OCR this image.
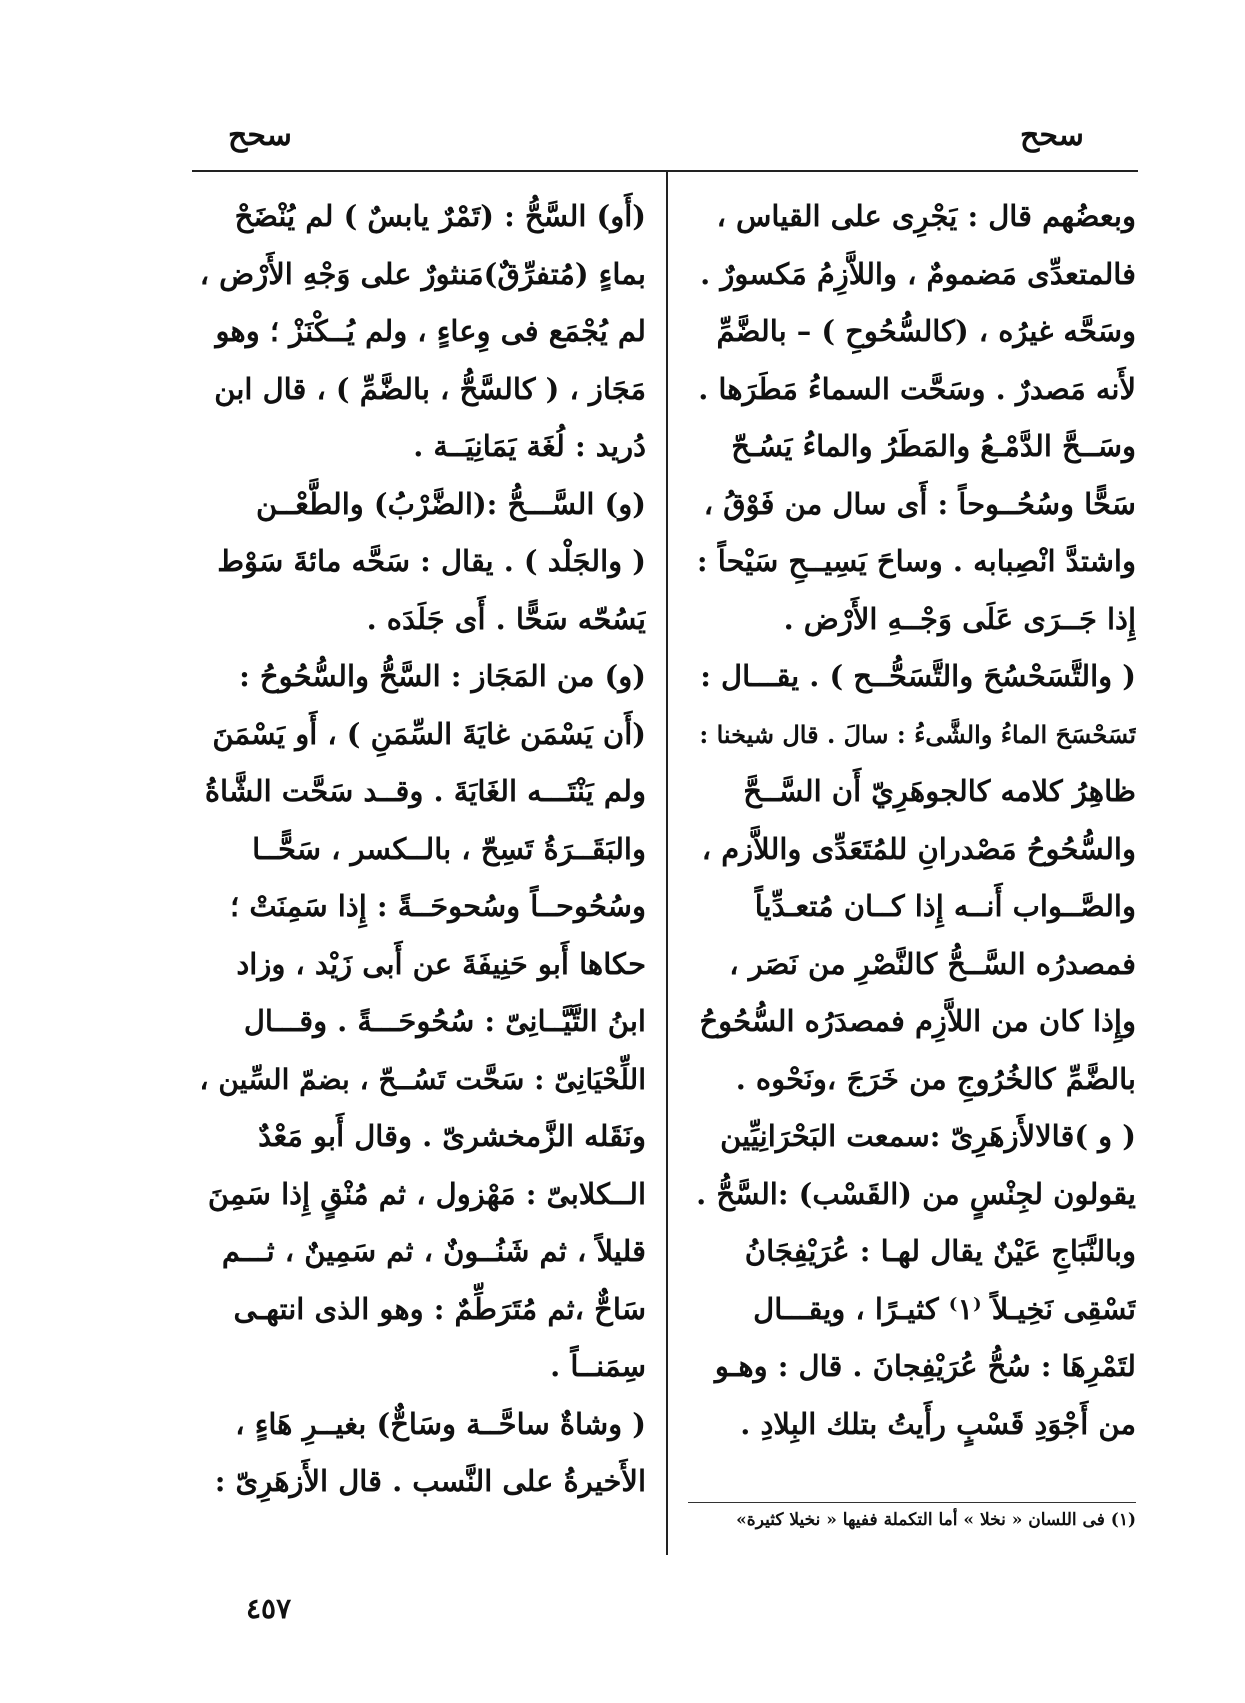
سحح
سحح
وبعضُهم قال : يَجْرِى على القياس ،
فالمتعدِّى مَضمومٌ ، واللاَّزِمُ مَكسورٌ .
وسَحَّه غيرُه ، (كالسُّحُوحِ ) – بالضَّمِّ
لأَنه مَصدرٌ . وسَحَّت السماءُ مَطَرَها .
وسَــحَّ الدَّمْـعُ والمَطَرُ والماءُ يَسُـحّ
سَحًّا وسُحُــوحاً : أَى سال من فَوْقُ ،
واشتدَّ انْصِبابه . وساحَ يَسِيــحِ سَيْحاً :
إِذا جَــرَى عَلَى وَجْــهِ الأَرْض .
( والتَّسَحْسُحَ والتَّسَحُّــح ) . يقـــال :
تَسَحْسَحَ الماءُ والشَّىءُ : سالَ . قال شيخنا :
ظاهِرُ كلامه كالجوهَرِيّ أَن السَّــحَّ
والسُّحُوحُ مَصْدرانِ للمُتَعَدِّى واللاَّزم ،
والصَّــواب أَنــه إِذا كــان مُتعـدِّياً
فمصدرُه السَّــحُّ كالنَّصْرِ من نَصَر ،
وإِذا كان من اللاَّزِم فمصدَرُه السُّحُوحُ
بالضَّمِّ كالخُرُوجِ من خَرَجَ ،ونَحْوه .
( و )قالالأَزهَرِىّ :سمعت البَحْرَانِيِّين
يقولون لجِنْسٍ من (القَسْب) :السَّحُّ .
وبالنَّبَاجِ عَيْنٌ يقال لهـا : عُرَيْفِجَانُ
تَسْقِى نَخِيـلاً ⁽١⁾ كثيـرًا ، ويقـــال
لتَمْرِهَا : سُحُّ عُرَيْفِجانَ . قال : وهـو
من أَجْوَدِ قَسْبٍ رأَيتُ بتلك البِلادِ .
(أَو) السَّحُّ : (تَمْرٌ يابسٌ ) لم يُنْضَحْ
بماءٍ (مُتفرِّقٌ)مَنثورٌ على وَجْهِ الأَرْض ،
لم يُجْمَع فى وِعاءٍ ، ولم يُــكْنَزْ ؛ وهو
مَجَاز ، ( كالسَّحُّ ، بالضَّمِّ ) ، قال ابن
دُريد : لُغَة يَمَانِيَــة .
(و) السَّـــحُّ :(الضَّرْبُ) والطَّعْــن
( والجَلْد ) . يقال : سَحَّه مائةَ سَوْط
يَسُحّه سَحًّا . أَى جَلَدَه .
(و) من المَجَاز : السَّحُّ والسُّحُوحُ :
(أَن يَسْمَن غايَةَ السِّمَنِ ) ، أَو يَسْمَنَ
ولم يَنْتَـــه الغَايَةَ . وقــد سَحَّت الشَّاةُ
والبَقَــرَةُ تَسِحّ ، بالــكسر ، سَحًّــا
وسُحُوحــاً وسُحوحَــةً : إِذا سَمِنَتْ ؛
حكاها أَبو حَنِيفَةَ عن أَبى زَيْد ، وزاد
ابنُ التَّيَّــانِىّ : سُحُوحَـــةً . وقـــال
اللِّحْيَانِىّ : سَحَّت تَسُــحّ ، بضمّ السِّين ،
ونَقَله الزَّمخشرىّ . وقال أَبو مَعْدٌ
الــكلابىّ : مَهْزول ، ثم مُنْقٍ إِذا سَمِنَ
قليلاً ، ثم شَنُــونٌ ، ثم سَمِينٌ ، ثـــم
سَاحٌّ ،ثم مُتَرَطِّمٌ : وهو الذى انتهـى
سِمَنــاً .
( وشاةٌ ساحَّــة وسَاحٌّ) بغيــرِ هَاءٍ ،
الأَخيرةُ على النَّسب . قال الأَزهَرِىّ :
(١) فى اللسان « نخلا » أما التكملة ففيها « نخيلا كثيرة»
٤٥٧
